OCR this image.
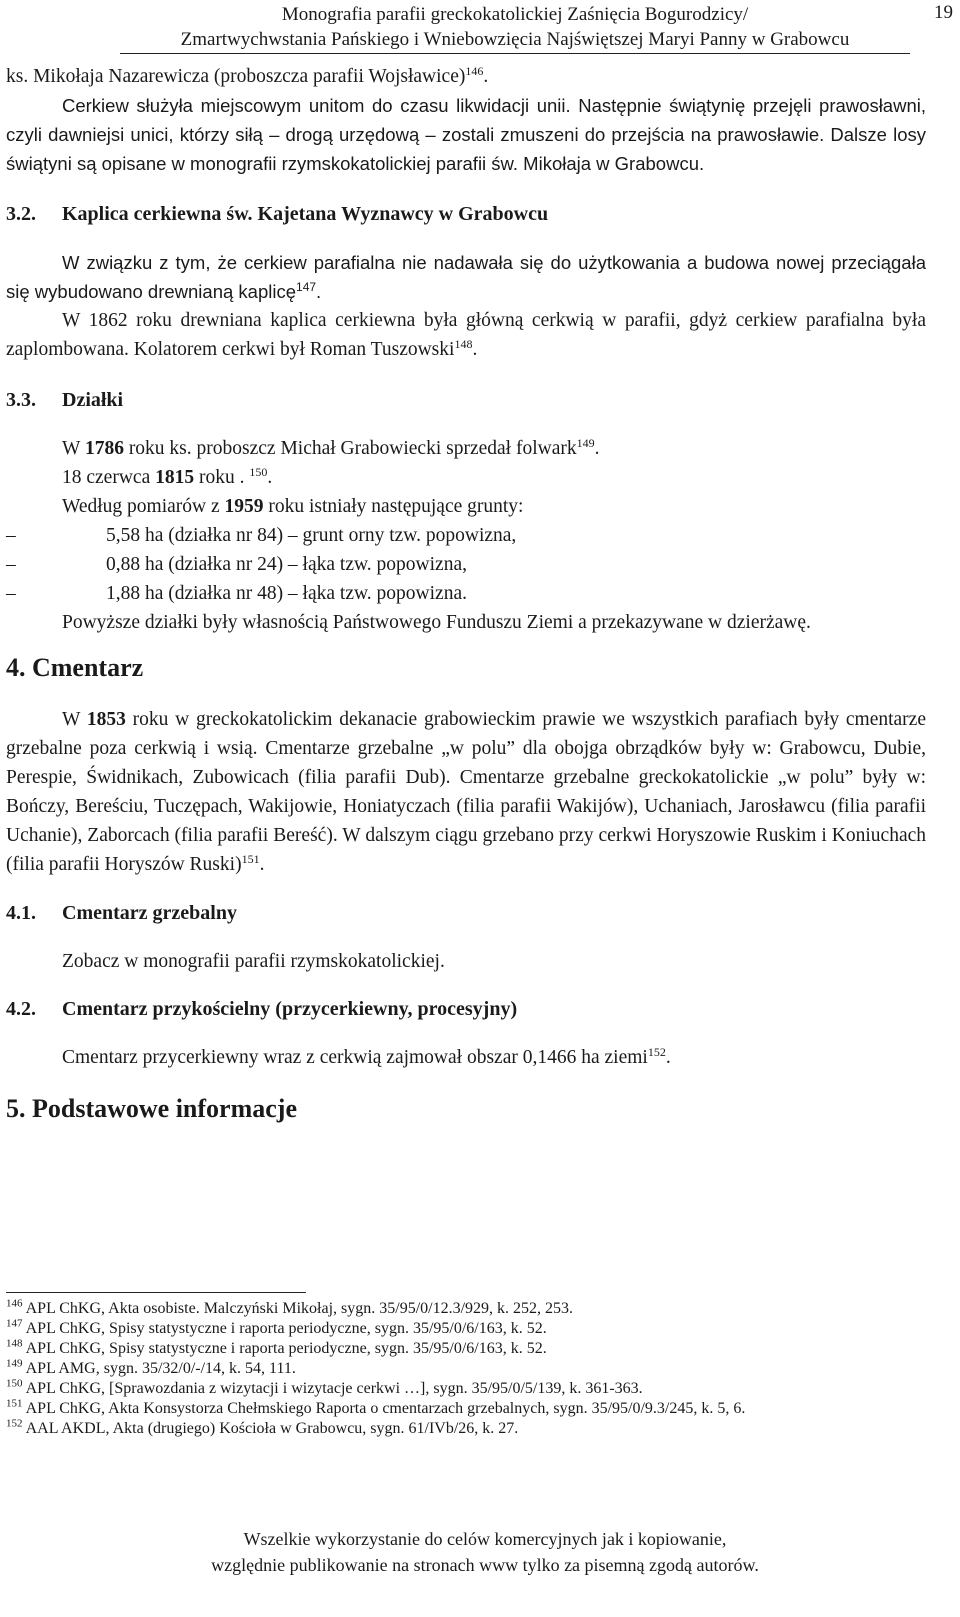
Monografia parafii greckokatolickiej Zaśnięcia Bogurodzicy/
Zmartwychwstania Pańskiego i Wniebowzięcia Najświętszej Maryi Panny w Grabowcu
19

ks. Mikołaja Nazarewicza (proboszcza parafii Wojsławice)$^{146}$.

Cerkiew służyła miejscowym unitom do czasu likwidacji unii. Następnie świątynię przejęli prawosławni, czyli dawniejsi unici, którzy siłą – drogą urzędową – zostali zmuszeni do przejścia na prawosławie. Dalsze losy świątyni są opisane w monografii rzymskokatolickiej parafii św. Mikołaja w Grabowcu.

3.2. Kaplica cerkiewna św. Kajetana Wyznawcy w Grabowcu

W związku z tym, że cerkiew parafialna nie nadawała się do użytkowania a budowa nowej przeciągała się wybudowano drewnianą kaplicę$^{147}$.

W 1862 roku drewniana kaplica cerkiewna była główną cerkwią w parafii, gdyż cerkiew parafialna była zaplombowana. Kolatorem cerkwi był Roman Tuszowski$^{148}$.

3.3. Działki

W 1786 roku ks. proboszcz Michał Grabowiecki sprzedał folwark$^{149}$.

18 czerwca 1815 roku . $^{150}$.

Według pomiarów z 1959 roku istniały następujące grunty:

–	5,58 ha (działka nr 84) – grunt orny tzw. popowizna,
–	0,88 ha (działka nr 24) – łąka tzw. popowizna,
–	1,88 ha (działka nr 48) – łąka tzw. popowizna.

Powyższe działki były własnością Państwowego Funduszu Ziemi a przekazywane w dzierżawę.

4. Cmentarz

W 1853 roku w greckokatolickim dekanacie grabowieckim prawie we wszystkich parafiach były cmentarze grzebalne poza cerkwią i wsią. Cmentarze grzebalne „w polu” dla obojga obrządków były w: Grabowcu, Dubie, Perespie, Świdnikach, Zubowicach (filia parafii Dub). Cmentarze grzebalne greckokatolickie „w polu” były w: Bończy, Bereściu, Tuczępach, Wakijowie, Honiatyczach (filia parafii Wakijów), Uchaniach, Jarosławcu (filia parafii Uchanie), Zaborcach (filia parafii Bereść). W dalszym ciągu grzebano przy cerkwi Horyszowie Ruskim i Koniuchach (filia parafii Horyszów Ruski)$^{151}$.

4.1. Cmentarz grzebalny

Zobacz w monografii parafii rzymskokatolickiej.

4.2. Cmentarz przykościelny (przycerkiewny, procesyjny)

Cmentarz przycerkiewny wraz z cerkwią zajmował obszar 0,1466 ha ziemi$^{152}$.

5. Podstawowe informacje
$^{146}$ APL ChKG, Akta osobiste. Malczyński Mikołaj, sygn. 35/95/0/12.3/929, k. 252, 253.
$^{147}$ APL ChKG, Spisy statystyczne i raporta periodyczne, sygn. 35/95/0/6/163, k. 52.
$^{148}$ APL ChKG, Spisy statystyczne i raporta periodyczne, sygn. 35/95/0/6/163, k. 52.
$^{149}$ APL AMG, sygn. 35/32/0/-/14, k. 54, 111.
$^{150}$ APL ChKG, [Sprawozdania z wizytacji i wizytacje cerkwi …], sygn. 35/95/0/5/139, k. 361-363.
$^{151}$ APL ChKG, Akta Konsystorza Chełmskiego Raporta o cmentarzach grzebalnych, sygn. 35/95/0/9.3/245, k. 5, 6.
$^{152}$ AAL AKDL, Akta (drugiego) Kościoła w Grabowcu, sygn. 61/IVb/26, k. 27.
Wszelkie wykorzystanie do celów komercyjnych jak i kopiowanie,
względnie publikowanie na stronach www tylko za pisemną zgodą autorów.
